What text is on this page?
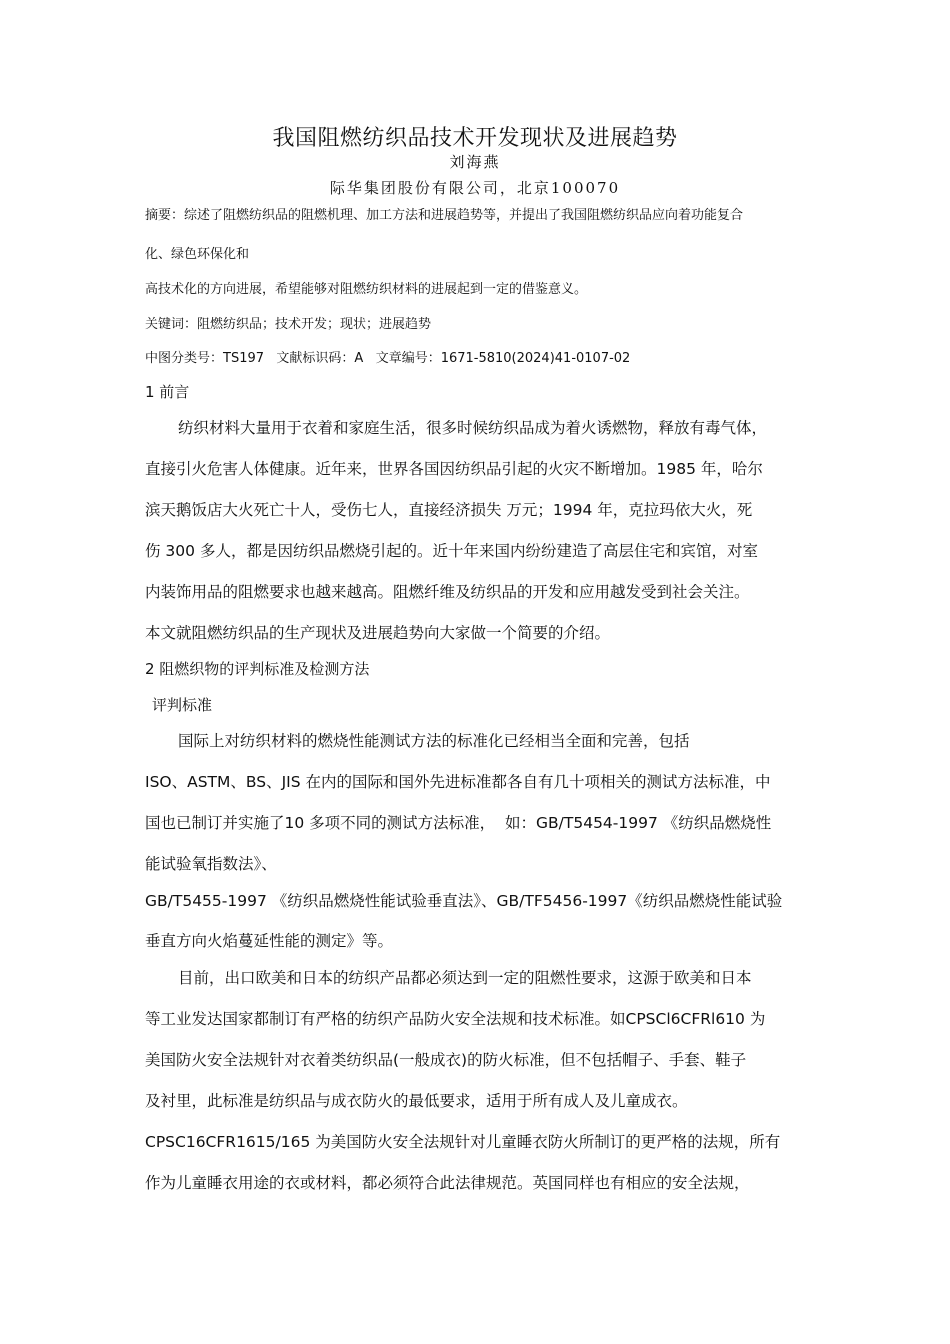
我国阻燃纺织品技术开发现状及进展趋势
刘海燕
际华集团股份有限公司，北京100070
摘要：综述了阻燃纺织品的阻燃机理、加工方法和进展趋势等，并提出了我国阻燃纺织品应向着功能复合
化、绿色环保化和
高技术化的方向进展，希望能够对阻燃纺织材料的进展起到一定的借鉴意义。
关键词：阻燃纺织品；技术开发；现状；进展趋势
中图分类号：TS197   文献标识码：A   文章编号：1671-5810(2024)41-0107-02
1 前言
纺织材料大量用于衣着和家庭生活，很多时候纺织品成为着火诱燃物，释放有毒气体，
直接引火危害人体健康。近年来，世界各国因纺织品引起的火灾不断增加。1985 年，哈尔
滨天鹅饭店大火死亡十人，受伤七人，直接经济损失 万元；1994 年，克拉玛依大火，死
伤 300 多人，都是因纺织品燃烧引起的。近十年来国内纷纷建造了高层住宅和宾馆，对室
内装饰用品的阻燃要求也越来越高。阻燃纤维及纺织品的开发和应用越发受到社会关注。
本文就阻燃纺织品的生产现状及进展趋势向大家做一个简要的介绍。
2 阻燃织物的评判标准及检测方法
评判标准
国际上对纺织材料的燃烧性能测试方法的标准化已经相当全面和完善，包括
ISO、ASTM、BS、JIS 在内的国际和国外先进标准都各自有几十项相关的测试方法标准，中
国也已制订并实施了10 多项不同的测试方法标准，  如：GB/T5454-1997 《纺织品燃烧性
能试验氧指数法》、
GB/T5455-1997 《纺织品燃烧性能试验垂直法》、GB/TF5456-1997《纺织品燃烧性能试验
垂直方向火焰蔓延性能的测定》等。
目前，出口欧美和日本的纺织产品都必须达到一定的阻燃性要求，这源于欧美和日本
等工业发达国家都制订有严格的纺织产品防火安全法规和技术标准。如CPSCl6CFRl610 为
美国防火安全法规针对衣着类纺织品(一般成衣)的防火标准，但不包括帽子、手套、鞋子
及衬里，此标准是纺织品与成衣防火的最低要求，适用于所有成人及儿童成衣。
CPSC16CFR1615/165 为美国防火安全法规针对儿童睡衣防火所制订的更严格的法规，所有
作为儿童睡衣用途的衣或材料，都必须符合此法律规范。英国同样也有相应的安全法规，
